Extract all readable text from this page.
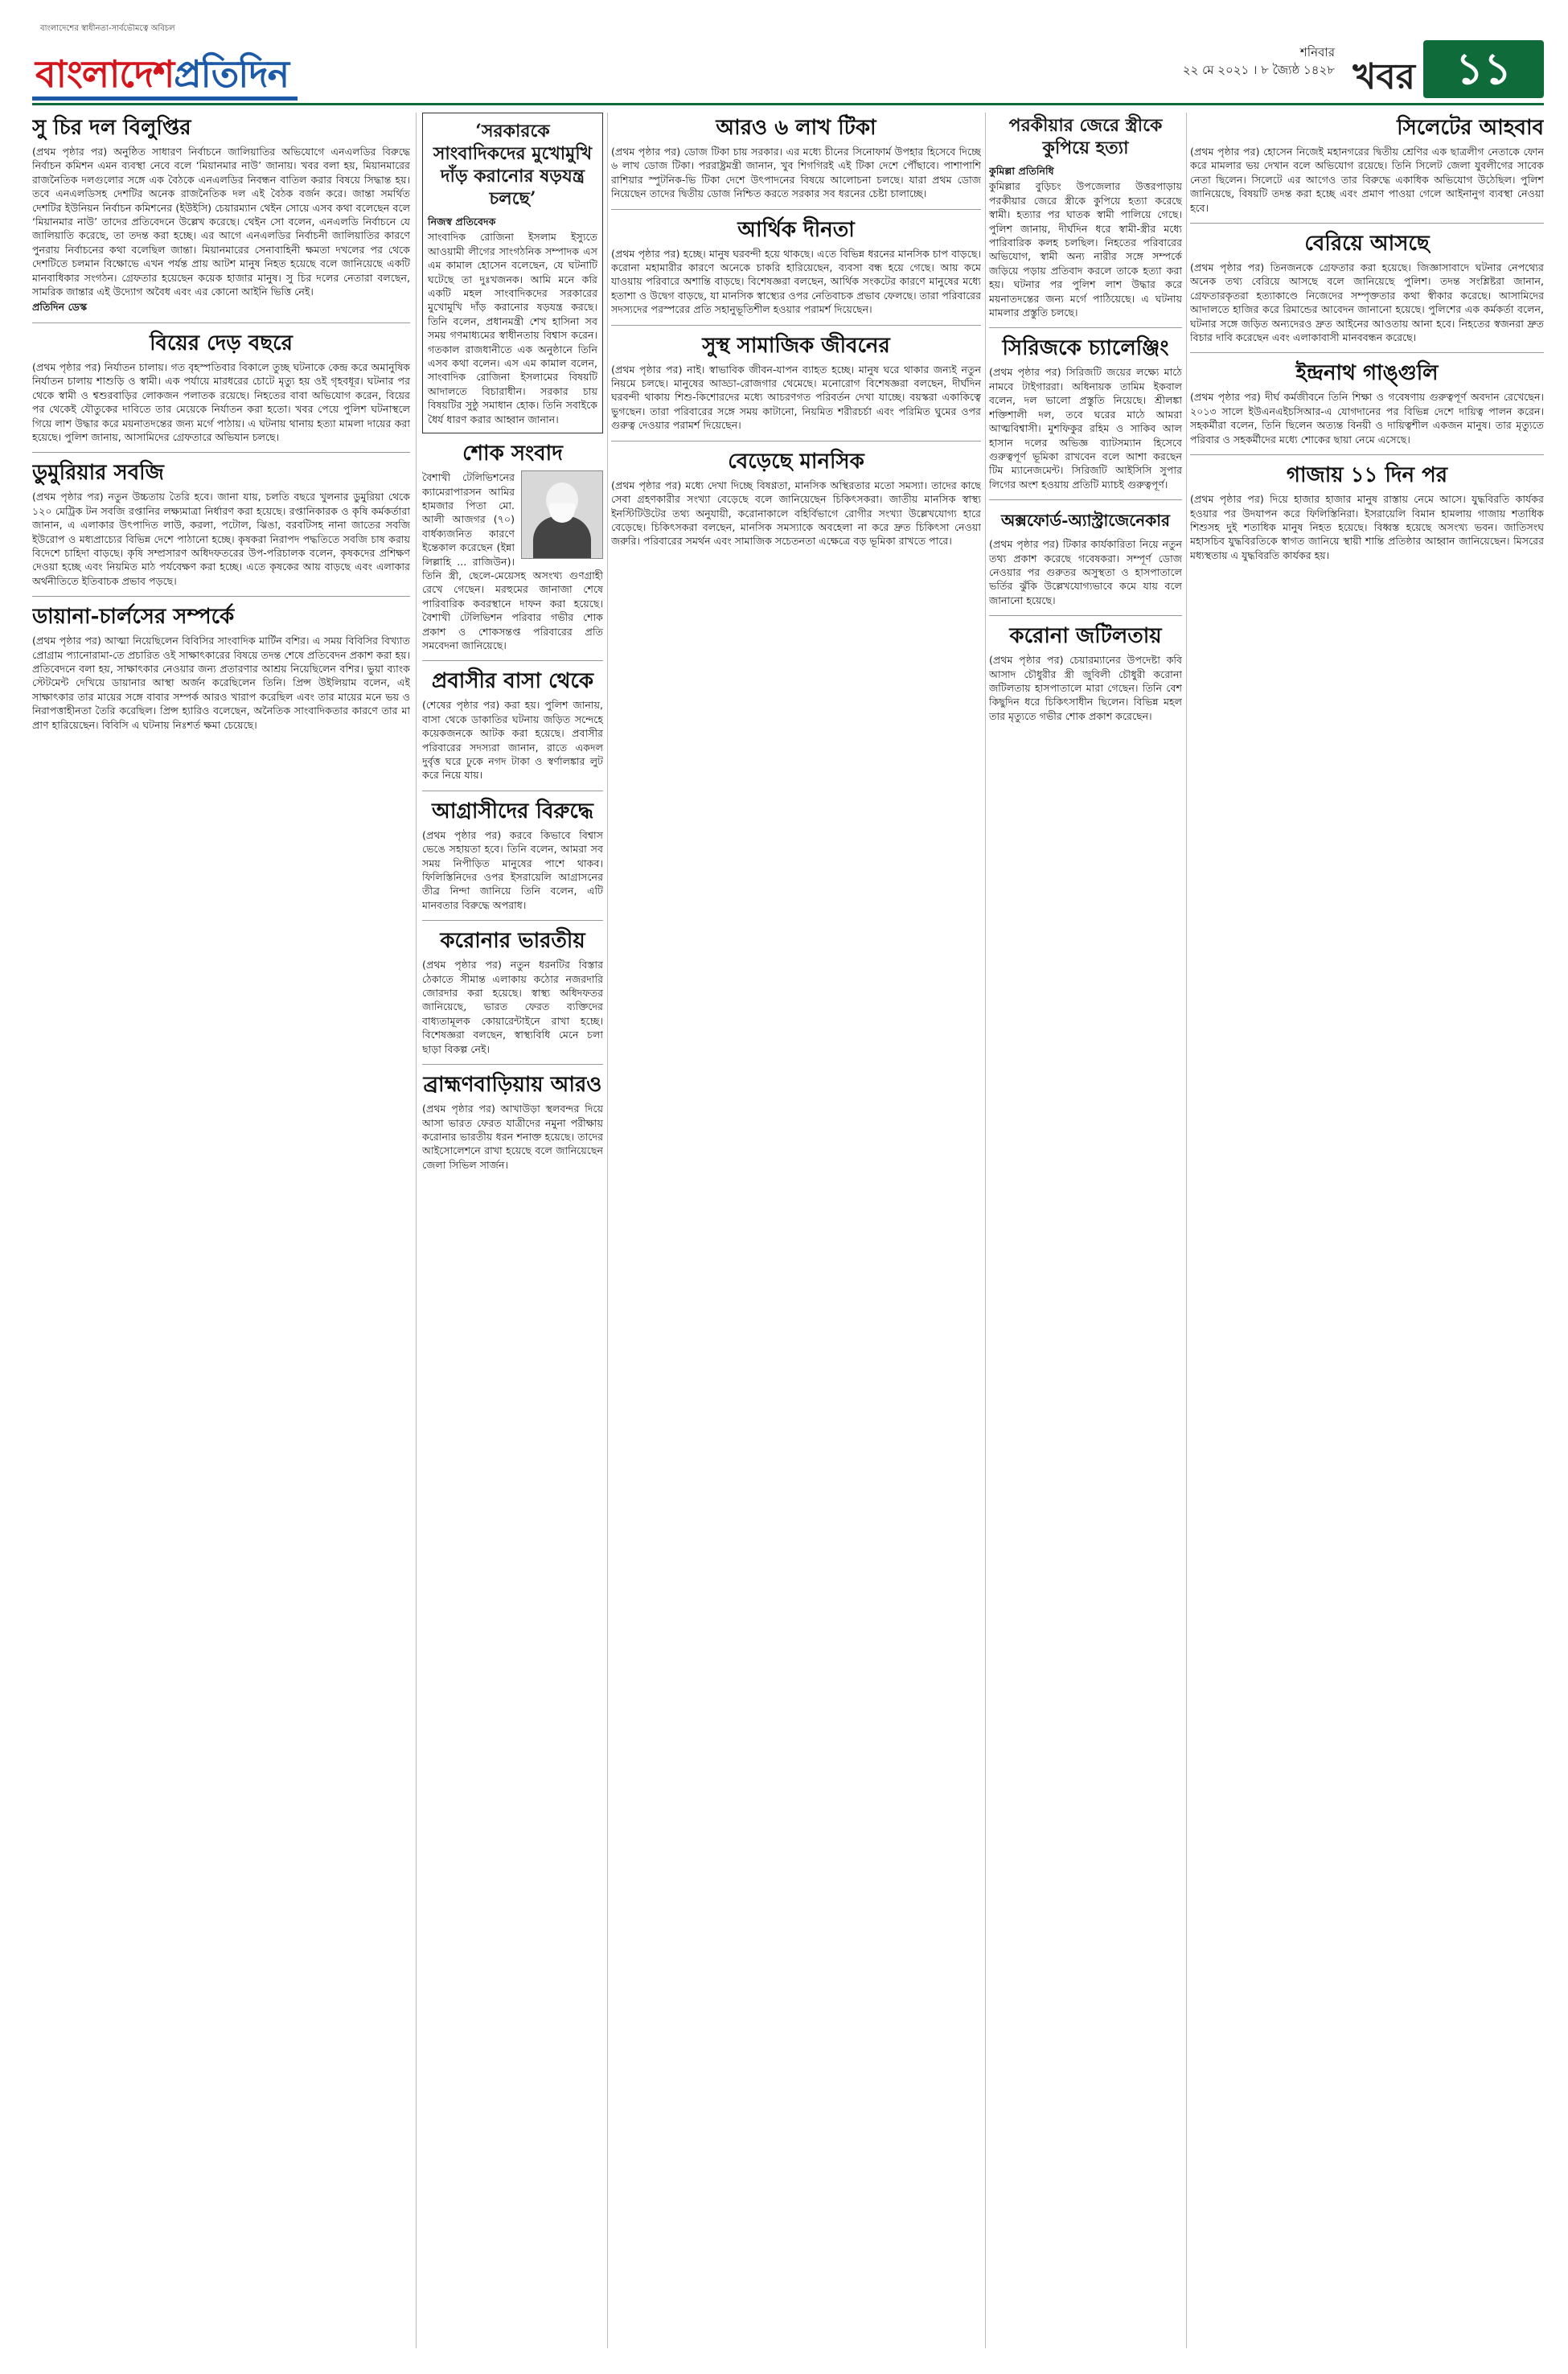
বাংলাদেশের স্বাধীনতা-সার্বভৌমত্বে অবিচল
বাংলাদেশপ্রতিদিন	শনিবার
২২ মে ২০২১ । ৮ জ্যৈষ্ঠ ১৪২৮ খবর ১১
সু চির দল বিলুপ্তির

(প্রথম পৃষ্ঠার পর) অনুষ্ঠিত সাধারণ নির্বাচনে জালিয়াতির অভিযোগে এনএলডির বিরুদ্ধে নির্বাচন কমিশন এমন ব্যবস্থা নেবে বলে ‘মিয়ানমার নাউ’ জানায়। খবর বলা হয়, মিয়ানমারের রাজনৈতিক দলগুলোর সঙ্গে এক বৈঠকে এনএলডির নিবন্ধন বাতিল করার বিষয়ে সিদ্ধান্ত হয়। তবে এনএলডিসহ দেশটির অনেক রাজনৈতিক দল এই বৈঠক বর্জন করে। জান্তা সমর্থিত দেশটির ইউনিয়ন নির্বাচন কমিশনের (ইউইসি) চেয়ারম্যান থেইন সোয়ে এসব কথা বলেছেন বলে ‘মিয়ানমার নাউ’ তাদের প্রতিবেদনে উল্লেখ করেছে। থেইন সো বলেন, এনএলডি নির্বাচনে যে জালিয়াতি করেছে, তা তদন্ত করা হচ্ছে। এর আগে এনএলডির নির্বাচনী জালিয়াতির কারণে পুনরায় নির্বাচনের কথা বলেছিল জান্তা। মিয়ানমারের সেনাবাহিনী ক্ষমতা দখলের পর থেকে দেশটিতে চলমান বিক্ষোভে এখন পর্যন্ত প্রায় আটশ মানুষ নিহত হয়েছে বলে জানিয়েছে একটি মানবাধিকার সংগঠন। গ্রেফতার হয়েছেন কয়েক হাজার মানুষ। সু চির দলের নেতারা বলছেন, সামরিক জান্তার এই উদ্যোগ অবৈধ এবং এর কোনো আইনি ভিত্তি নেই।

প্রতিদিন ডেস্ক

বিয়ের দেড় বছরে

(প্রথম পৃষ্ঠার পর) নির্যাতন চালায়। গত বৃহস্পতিবার বিকালে তুচ্ছ ঘটনাকে কেন্দ্র করে অমানুষিক নির্যাতন চালায় শাশুড়ি ও স্বামী। এক পর্যায়ে মারধরের চোটে মৃত্যু হয় ওই গৃহবধূর। ঘটনার পর থেকে স্বামী ও শ্বশুরবাড়ির লোকজন পলাতক রয়েছে। নিহতের বাবা অভিযোগ করেন, বিয়ের পর থেকেই যৌতুকের দাবিতে তার মেয়েকে নির্যাতন করা হতো। খবর পেয়ে পুলিশ ঘটনাস্থলে গিয়ে লাশ উদ্ধার করে ময়নাতদন্তের জন্য মর্গে পাঠায়। এ ঘটনায় থানায় হত্যা মামলা দায়ের করা হয়েছে। পুলিশ জানায়, আসামিদের গ্রেফতারে অভিযান চলছে।

ডুমুরিয়ার সবজি

(প্রথম পৃষ্ঠার পর) নতুন উচ্চতায় তৈরি হবে। জানা যায়, চলতি বছরে খুলনার ডুমুরিয়া থেকে ১২০ মেট্রিক টন সবজি রপ্তানির লক্ষ্যমাত্রা নির্ধারণ করা হয়েছে। রপ্তানিকারক ও কৃষি কর্মকর্তারা জানান, এ এলাকার উৎপাদিত লাউ, করলা, পটোল, ঝিঙা, বরবটিসহ নানা জাতের সবজি ইউরোপ ও মধ্যপ্রাচ্যের বিভিন্ন দেশে পাঠানো হচ্ছে। কৃষকরা নিরাপদ পদ্ধতিতে সবজি চাষ করায় বিদেশে চাহিদা বাড়ছে। কৃষি সম্প্রসারণ অধিদফতরের উপ-পরিচালক বলেন, কৃষকদের প্রশিক্ষণ দেওয়া হচ্ছে এবং নিয়মিত মাঠ পর্যবেক্ষণ করা হচ্ছে। এতে কৃষকের আয় বাড়ছে এবং এলাকার অর্থনীতিতে ইতিবাচক প্রভাব পড়ছে।

ডায়ানা-চার্লসের সম্পর্কে

(প্রথম পৃষ্ঠার পর) আত্মা নিয়েছিলেন বিবিসির সাংবাদিক মার্টিন বশির। এ সময় বিবিসির বিখ্যাত প্রোগ্রাম প্যানোরামা-তে প্রচারিত ওই সাক্ষাৎকারের বিষয়ে তদন্ত শেষে প্রতিবেদন প্রকাশ করা হয়। প্রতিবেদনে বলা হয়, সাক্ষাৎকার নেওয়ার জন্য প্রতারণার আশ্রয় নিয়েছিলেন বশির। ভুয়া ব্যাংক স্টেটমেন্ট দেখিয়ে ডায়ানার আস্থা অর্জন করেছিলেন তিনি। প্রিন্স উইলিয়াম বলেন, এই সাক্ষাৎকার তার মায়ের সঙ্গে বাবার সম্পর্ক আরও খারাপ করেছিল এবং তার মায়ের মনে ভয় ও নিরাপত্তাহীনতা তৈরি করেছিল। প্রিন্স হ্যারিও বলেছেন, অনৈতিক সাংবাদিকতার কারণে তার মা প্রাণ হারিয়েছেন। বিবিসি এ ঘটনায় নিঃশর্ত ক্ষমা চেয়েছে।

‘সরকারকে সাংবাদিকদের মুখোমুখি দাঁড় করানোর ষড়যন্ত্র চলছে’

নিজস্ব প্রতিবেদক

সাংবাদিক রোজিনা ইসলাম ইস্যুতে আওয়ামী লীগের সাংগঠনিক সম্পাদক এস এম কামাল হোসেন বলেছেন, যে ঘটনাটি ঘটেছে তা দুঃখজনক। আমি মনে করি একটি মহল সাংবাদিকদের সরকারের মুখোমুখি দাঁড় করানোর ষড়যন্ত্র করছে। তিনি বলেন, প্রধানমন্ত্রী শেখ হাসিনা সব সময় গণমাধ্যমের স্বাধীনতায় বিশ্বাস করেন। গতকাল রাজধানীতে এক অনুষ্ঠানে তিনি এসব কথা বলেন। এস এম কামাল বলেন, সাংবাদিক রোজিনা ইসলামের বিষয়টি আদালতে বিচারাধীন। সরকার চায় বিষয়টির সুষ্ঠু সমাধান হোক। তিনি সবাইকে ধৈর্য ধারণ করার আহ্বান জানান।

শোক সংবাদ

বৈশাখী টেলিভিশনের ক্যামেরাপারসন আমির হামজার পিতা মো. আলী আজগর (৭০) বার্ধক্যজনিত কারণে ইন্তেকাল করেছেন (ইন্না লিল্লাহি ... রাজিউন)। তিনি স্ত্রী, ছেলে-মেয়েসহ অসংখ্য গুণগ্রাহী রেখে গেছেন। মরহুমের জানাজা শেষে পারিবারিক কবরস্থানে দাফন করা হয়েছে। বৈশাখী টেলিভিশন পরিবার গভীর শোক প্রকাশ ও শোকসন্তপ্ত পরিবারের প্রতি সমবেদনা জানিয়েছে।

প্রবাসীর বাসা থেকে

(শেষের পৃষ্ঠার পর) করা হয়। পুলিশ জানায়, বাসা থেকে ডাকাতির ঘটনায় জড়িত সন্দেহে কয়েকজনকে আটক করা হয়েছে। প্রবাসীর পরিবারের সদস্যরা জানান, রাতে একদল দুর্বৃত্ত ঘরে ঢুকে নগদ টাকা ও স্বর্ণালঙ্কার লুট করে নিয়ে যায়।

আগ্রাসীদের বিরুদ্ধে

(প্রথম পৃষ্ঠার পর) করবে কিভাবে বিশ্বাস ভেঙে সহায়তা হবে। তিনি বলেন, আমরা সব সময় নিপীড়িত মানুষের পাশে থাকব। ফিলিস্তিনিদের ওপর ইসরায়েলি আগ্রাসনের তীব্র নিন্দা জানিয়ে তিনি বলেন, এটি মানবতার বিরুদ্ধে অপরাধ।

করোনার ভারতীয়

(প্রথম পৃষ্ঠার পর) নতুন ধরনটির বিস্তার ঠেকাতে সীমান্ত এলাকায় কঠোর নজরদারি জোরদার করা হয়েছে। স্বাস্থ্য অধিদফতর জানিয়েছে, ভারত ফেরত ব্যক্তিদের বাধ্যতামূলক কোয়ারেন্টাইনে রাখা হচ্ছে। বিশেষজ্ঞরা বলছেন, স্বাস্থ্যবিধি মেনে চলা ছাড়া বিকল্প নেই।

ব্রাহ্মণবাড়িয়ায় আরও

(প্রথম পৃষ্ঠার পর) আখাউড়া স্থলবন্দর দিয়ে আসা ভারত ফেরত যাত্রীদের নমুনা পরীক্ষায় করোনার ভারতীয় ধরন শনাক্ত হয়েছে। তাদের আইসোলেশনে রাখা হয়েছে বলে জানিয়েছেন জেলা সিভিল সার্জন।

আরও ৬ লাখ টিকা

(প্রথম পৃষ্ঠার পর) ডোজ টিকা চায় সরকার। এর মধ্যে চীনের সিনোফার্ম উপহার হিসেবে দিচ্ছে ৬ লাখ ডোজ টিকা। পররাষ্ট্রমন্ত্রী জানান, খুব শিগগিরই এই টিকা দেশে পৌঁছাবে। পাশাপাশি রাশিয়ার স্পুটনিক-ভি টিকা দেশে উৎপাদনের বিষয়ে আলোচনা চলছে। যারা প্রথম ডোজ নিয়েছেন তাদের দ্বিতীয় ডোজ নিশ্চিত করতে সরকার সব ধরনের চেষ্টা চালাচ্ছে।

আর্থিক দীনতা

(প্রথম পৃষ্ঠার পর) হচ্ছে। মানুষ ঘরবন্দী হয়ে থাকছে। এতে বিভিন্ন ধরনের মানসিক চাপ বাড়ছে। করোনা মহামারীর কারণে অনেকে চাকরি হারিয়েছেন, ব্যবসা বন্ধ হয়ে গেছে। আয় কমে যাওয়ায় পরিবারে অশান্তি বাড়ছে। বিশেষজ্ঞরা বলছেন, আর্থিক সংকটের কারণে মানুষের মধ্যে হতাশা ও উদ্বেগ বাড়ছে, যা মানসিক স্বাস্থ্যের ওপর নেতিবাচক প্রভাব ফেলছে। তারা পরিবারের সদস্যদের পরস্পরের প্রতি সহানুভূতিশীল হওয়ার পরামর্শ দিয়েছেন।

সুস্থ সামাজিক জীবনের

(প্রথম পৃষ্ঠার পর) নাই। স্বাভাবিক জীবন-যাপন ব্যাহত হচ্ছে। মানুষ ঘরে থাকার জন্যই নতুন নিয়মে চলছে। মানুষের আড্ডা-রোজগার থেমেছে। মনোরোগ বিশেষজ্ঞরা বলছেন, দীর্ঘদিন ঘরবন্দী থাকায় শিশু-কিশোরদের মধ্যে আচরণগত পরিবর্তন দেখা যাচ্ছে। বয়স্করা একাকিত্বে ভুগছেন। তারা পরিবারের সঙ্গে সময় কাটানো, নিয়মিত শরীরচর্চা এবং পরিমিত ঘুমের ওপর গুরুত্ব দেওয়ার পরামর্শ দিয়েছেন।

বেড়েছে মানসিক

(প্রথম পৃষ্ঠার পর) মধ্যে দেখা দিচ্ছে বিষণ্ণতা, মানসিক অস্থিরতার মতো সমস্যা। তাদের কাছে সেবা গ্রহণকারীর সংখ্যা বেড়েছে বলে জানিয়েছেন চিকিৎসকরা। জাতীয় মানসিক স্বাস্থ্য ইনস্টিটিউটের তথ্য অনুযায়ী, করোনাকালে বহির্বিভাগে রোগীর সংখ্যা উল্লেখযোগ্য হারে বেড়েছে। চিকিৎসকরা বলছেন, মানসিক সমস্যাকে অবহেলা না করে দ্রুত চিকিৎসা নেওয়া জরুরি। পরিবারের সমর্থন এবং সামাজিক সচেতনতা এক্ষেত্রে বড় ভূমিকা রাখতে পারে।

পরকীয়ার জেরে স্ত্রীকে কুপিয়ে হত্যা

কুমিল্লা প্রতিনিধি

কুমিল্লার বুড়িচং উপজেলার উত্তরপাড়ায় পরকীয়ার জেরে স্ত্রীকে কুপিয়ে হত্যা করেছে স্বামী। হত্যার পর ঘাতক স্বামী পালিয়ে গেছে। পুলিশ জানায়, দীর্ঘদিন ধরে স্বামী-স্ত্রীর মধ্যে পারিবারিক কলহ চলছিল। নিহতের পরিবারের অভিযোগ, স্বামী অন্য নারীর সঙ্গে সম্পর্কে জড়িয়ে পড়ায় প্রতিবাদ করলে তাকে হত্যা করা হয়। ঘটনার পর পুলিশ লাশ উদ্ধার করে ময়নাতদন্তের জন্য মর্গে পাঠিয়েছে। এ ঘটনায় মামলার প্রস্তুতি চলছে।

সিরিজকে চ্যালেঞ্জিং

(প্রথম পৃষ্ঠার পর) সিরিজটি জয়ের লক্ষ্যে মাঠে নামবে টাইগাররা। অধিনায়ক তামিম ইকবাল বলেন, দল ভালো প্রস্তুতি নিয়েছে। শ্রীলঙ্কা শক্তিশালী দল, তবে ঘরের মাঠে আমরা আত্মবিশ্বাসী। মুশফিকুর রহিম ও সাকিব আল হাসান দলের অভিজ্ঞ ব্যাটসম্যান হিসেবে গুরুত্বপূর্ণ ভূমিকা রাখবেন বলে আশা করছেন টিম ম্যানেজমেন্ট। সিরিজটি আইসিসি সুপার লিগের অংশ হওয়ায় প্রতিটি ম্যাচই গুরুত্বপূর্ণ।

অক্সফোর্ড-অ্যাস্ট্রাজেনেকার

(প্রথম পৃষ্ঠার পর) টিকার কার্যকারিতা নিয়ে নতুন তথ্য প্রকাশ করেছে গবেষকরা। সম্পূর্ণ ডোজ নেওয়ার পর গুরুতর অসুস্থতা ও হাসপাতালে ভর্তির ঝুঁকি উল্লেখযোগ্যভাবে কমে যায় বলে জানানো হয়েছে।

করোনা জটিলতায়

(প্রথম পৃষ্ঠার পর) চেয়ারম্যানের উপদেষ্টা কবি আসাদ চৌধুরীর স্ত্রী জুবিলী চৌধুরী করোনা জটিলতায় হাসপাতালে মারা গেছেন। তিনি বেশ কিছুদিন ধরে চিকিৎসাধীন ছিলেন। বিভিন্ন মহল তার মৃত্যুতে গভীর শোক প্রকাশ করেছেন।

সিলেটের আহবাব

(প্রথম পৃষ্ঠার পর) হোসেন নিজেই মহানগরের দ্বিতীয় শ্রেণির এক ছাত্রলীগ নেতাকে ফোন করে মামলার ভয় দেখান বলে অভিযোগ রয়েছে। তিনি সিলেট জেলা যুবলীগের সাবেক নেতা ছিলেন। সিলেটে এর আগেও তার বিরুদ্ধে একাধিক অভিযোগ উঠেছিল। পুলিশ জানিয়েছে, বিষয়টি তদন্ত করা হচ্ছে এবং প্রমাণ পাওয়া গেলে আইনানুগ ব্যবস্থা নেওয়া হবে।

বেরিয়ে আসছে

(প্রথম পৃষ্ঠার পর) তিনজনকে গ্রেফতার করা হয়েছে। জিজ্ঞাসাবাদে ঘটনার নেপথ্যের অনেক তথ্য বেরিয়ে আসছে বলে জানিয়েছে পুলিশ। তদন্ত সংশ্লিষ্টরা জানান, গ্রেফতারকৃতরা হত্যাকাণ্ডে নিজেদের সম্পৃক্ততার কথা স্বীকার করেছে। আসামিদের আদালতে হাজির করে রিমান্ডের আবেদন জানানো হয়েছে। পুলিশের এক কর্মকর্তা বলেন, ঘটনার সঙ্গে জড়িত অন্যদেরও দ্রুত আইনের আওতায় আনা হবে। নিহতের স্বজনরা দ্রুত বিচার দাবি করেছেন এবং এলাকাবাসী মানববন্ধন করেছে।

ইন্দ্রনাথ গাঙ্গুলি

(প্রথম পৃষ্ঠার পর) দীর্ঘ কর্মজীবনে তিনি শিক্ষা ও গবেষণায় গুরুত্বপূর্ণ অবদান রেখেছেন। ২০১৩ সালে ইউএনএইচসিআর-এ যোগদানের পর বিভিন্ন দেশে দায়িত্ব পালন করেন। সহকর্মীরা বলেন, তিনি ছিলেন অত্যন্ত বিনয়ী ও দায়িত্বশীল একজন মানুষ। তার মৃত্যুতে পরিবার ও সহকর্মীদের মধ্যে শোকের ছায়া নেমে এসেছে।

গাজায় ১১ দিন পর

(প্রথম পৃষ্ঠার পর) দিয়ে হাজার হাজার মানুষ রাস্তায় নেমে আসে। যুদ্ধবিরতি কার্যকর হওয়ার পর উদযাপন করে ফিলিস্তিনিরা। ইসরায়েলি বিমান হামলায় গাজায় শতাধিক শিশুসহ দুই শতাধিক মানুষ নিহত হয়েছে। বিধ্বস্ত হয়েছে অসংখ্য ভবন। জাতিসংঘ মহাসচিব যুদ্ধবিরতিকে স্বাগত জানিয়ে স্থায়ী শান্তি প্রতিষ্ঠার আহ্বান জানিয়েছেন। মিসরের মধ্যস্থতায় এ যুদ্ধবিরতি কার্যকর হয়।
